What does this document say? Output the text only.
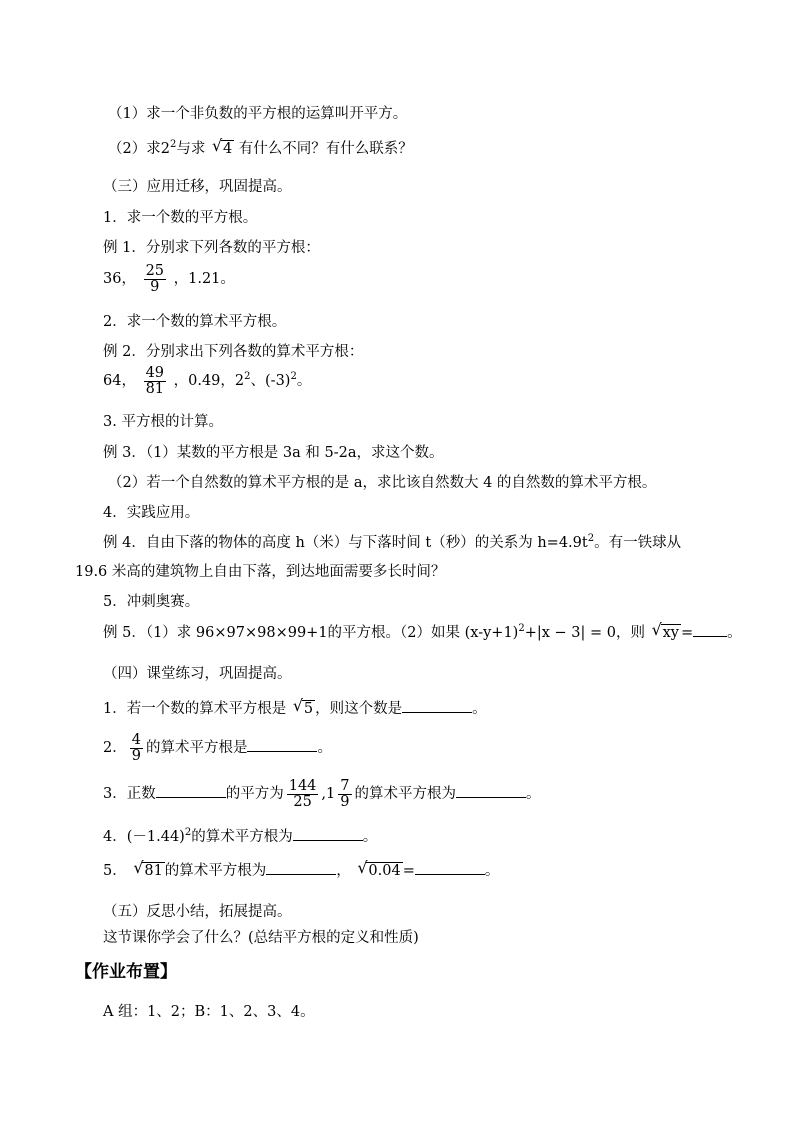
（1）求一个非负数的平方根的运算叫开平方。
（2）求$2^2$与求 √ 4 有什么不同？有什么联系？
（三）应用迁移，巩固提高。
1．求一个数的平方根。
例 1．分别求下列各数的平方根：
36， $\frac{25}{9}$ ，1.21。
2．求一个数的算术平方根。
例 2．分别求出下列各数的算术平方根：
64， $\frac{49}{81}$ ，0.49，$2^2$、$(-3)^2$。
3. 平方根的计算。
例 3．（1）某数的平方根是 3a 和 5-2a，求这个数。
（2）若一个自然数的算术平方根的是 a，求比该自然数大 4 的自然数的算术平方根。
4．实践应用。
例 4．自由下落的物体的高度 h（米）与下落时间 t（秒）的关系为 $h=4.9t^2$。有一铁球从
19.6 米高的建筑物上自由下落，到达地面需要多长时间？
5．冲刺奥赛。
例 5．（1）求 96×97×98×99+1的平方根。（2）如果 $(x-y+1)^2+|x - 3| = 0$，则 √ xy = 。
（四）课堂练习，巩固提高。
1．若一个数的算术平方根是 √ 5 ，则这个数是	。
2． $\frac{4}{9}$ 的算术平方根是	。
3．正数	的平方为 $\frac{144}{25} ,1 \frac{7}{9}$ 的算术平方根为	。
4．$(-1.44)^2$的算术平方根为	。
5． √ 81 的算术平方根为	， √ 0.04 =	。
（五）反思小结，拓展提高。
这节课你学会了什么？(总结平方根的定义和性质)
【作业布置】
A 组：1、2；B：1、2、3、4。
